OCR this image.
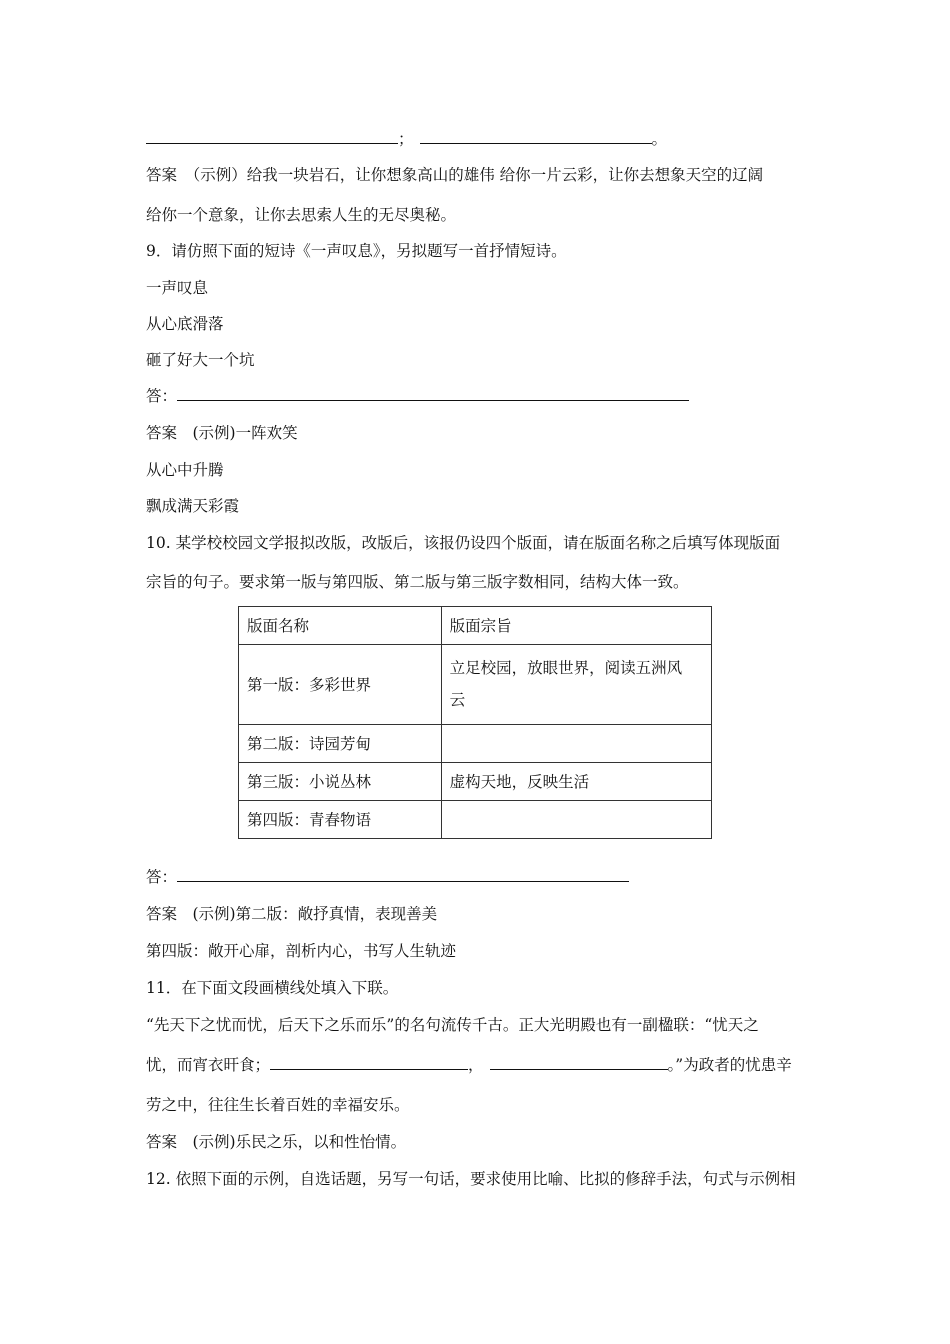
；	。
答案　（示例）给我一块岩石，让你想象高山的雄伟 给你一片云彩，让你去想象天空的辽阔
给你一个意象，让你去思索人生的无尽奥秘。
9．请仿照下面的短诗《一声叹息》，另拟题写一首抒情短诗。
一声叹息
从心底滑落
砸了好大一个坑
答：
答案　(示例)一阵欢笑
从心中升腾
飘成满天彩霞
10. 某学校校园文学报拟改版，改版后，该报仍设四个版面，请在版面名称之后填写体现版面
宗旨的句子。要求第一版与第四版、第二版与第三版字数相同，结构大体一致。
版面名称	版面宗旨
第一版：多彩世界	立足校园，放眼世界，阅读五洲风
云

第二版：诗园芳甸	
第三版：小说丛林	虚构天地，反映生活
第四版：青春物语	
答：
答案　(示例)第二版：敞抒真情，表现善美
第四版：敞开心扉，剖析内心，书写人生轨迹
11．在下面文段画横线处填入下联。
“先天下之忧而忧，后天下之乐而乐”的名句流传千古。正大光明殿也有一副楹联：“忧天之
忧，而宵衣旰食；	，	。”为政者的忧患辛
劳之中，往往生长着百姓的幸福安乐。
答案　(示例)乐民之乐，以和性怡情。
12. 依照下面的示例，自选话题，另写一句话，要求使用比喻、比拟的修辞手法，句式与示例相
